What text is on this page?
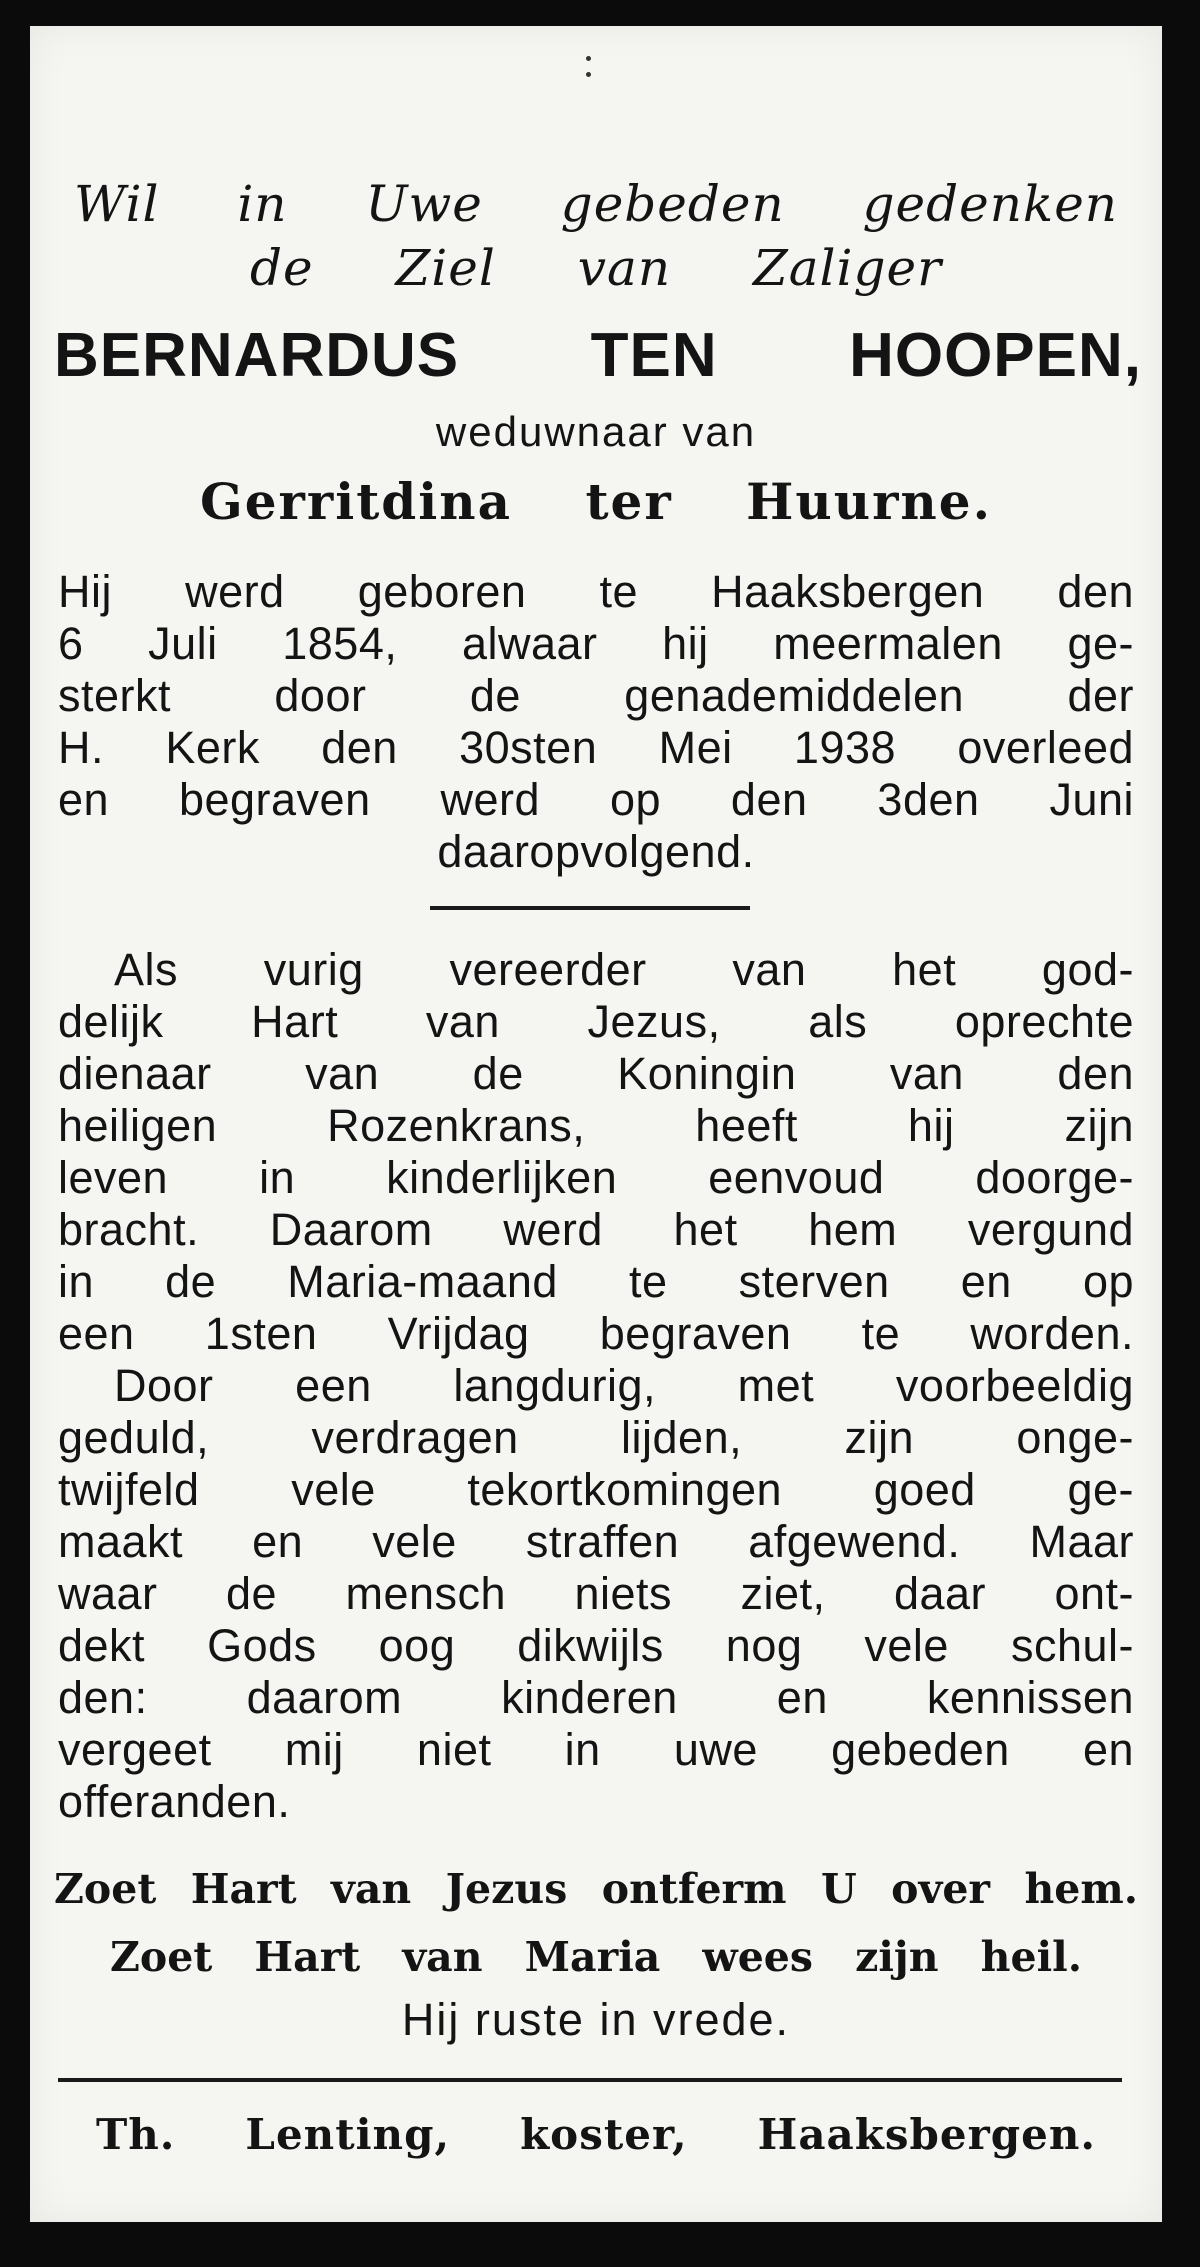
Wil in Uwe gebeden gedenken
de Ziel van Zaliger
BERNARDUS TEN HOOPEN,
weduwnaar van
Gerritdina ter Huurne.
Hij werd geboren te Haaksbergen den
6 Juli 1854, alwaar hij meermalen ge-
sterkt door de genademiddelen der
H. Kerk den 30sten Mei 1938 overleed
en begraven werd op den 3den Juni
daaropvolgend.
Als vurig vereerder van het god-
delijk Hart van Jezus, als oprechte
dienaar van de Koningin van den
heiligen Rozenkrans, heeft hij zijn
leven in kinderlijken eenvoud doorge-
bracht. Daarom werd het hem vergund
in de Maria-maand te sterven en op
een 1sten Vrijdag begraven te worden.
Door een langdurig, met voorbeeldig
geduld, verdragen lijden, zijn onge-
twijfeld vele tekortkomingen goed ge-
maakt en vele straffen afgewend. Maar
waar de mensch niets ziet, daar ont-
dekt Gods oog dikwijls nog vele schul-
den: daarom kinderen en kennissen
vergeet mij niet in uwe gebeden en
offeranden.
Zoet Hart van Jezus ontferm U over hem.
Zoet Hart van Maria wees zijn heil.
Hij ruste in vrede.
Th. Lenting, koster, Haaksbergen.
